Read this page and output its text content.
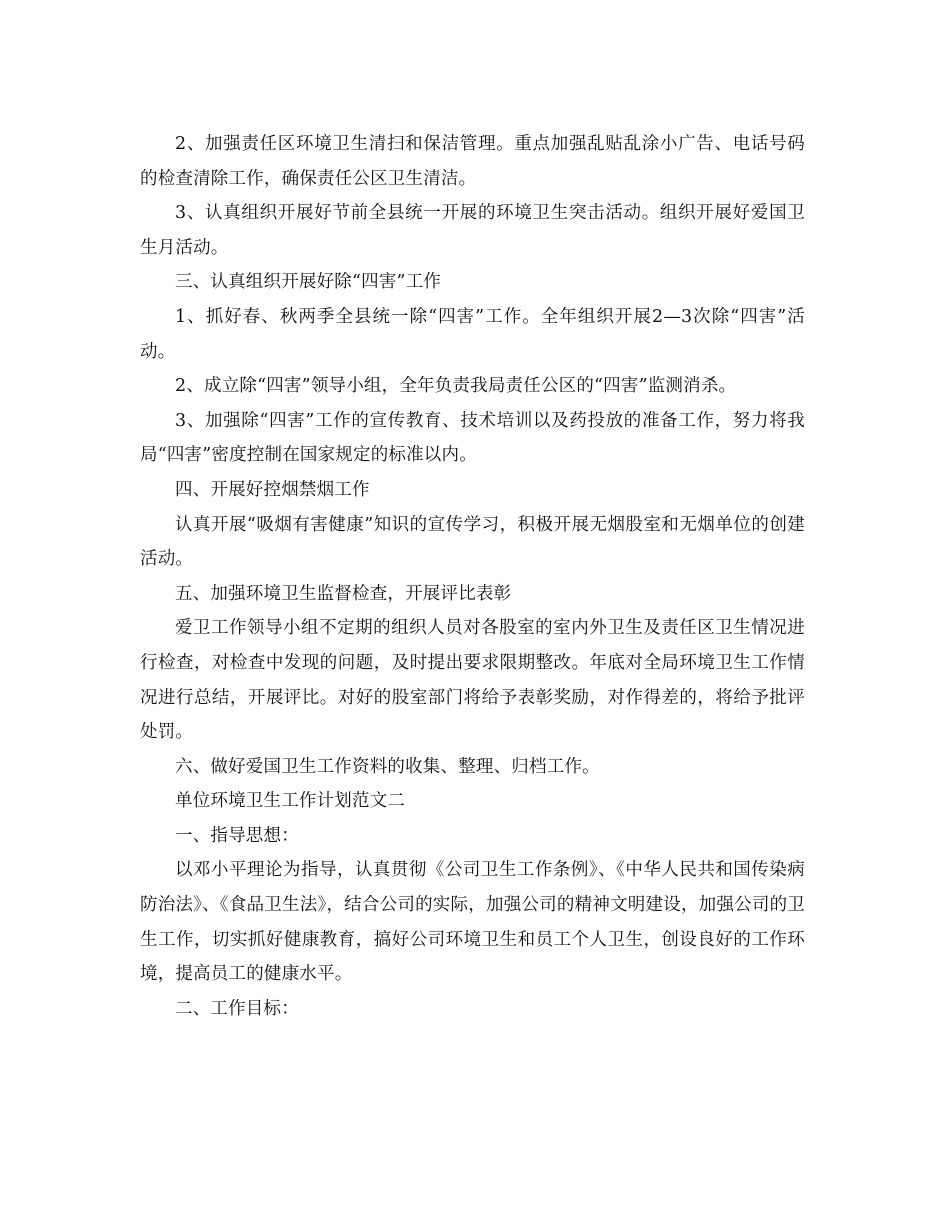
2、加强责任区环境卫生清扫和保洁管理。重点加强乱贴乱涂小广告、电话号码的检查清除工作，确保责任公区卫生清洁。

3、认真组织开展好节前全县统一开展的环境卫生突击活动。组织开展好爱国卫生月活动。

三、认真组织开展好除“四害”工作

1、抓好春、秋两季全县统一除“四害”工作。全年组织开展2—3次除“四害”活动。

2、成立除“四害”领导小组，全年负责我局责任公区的“四害”监测消杀。

3、加强除“四害”工作的宣传教育、技术培训以及药投放的准备工作，努力将我局“四害”密度控制在国家规定的标准以内。

四、开展好控烟禁烟工作

认真开展“吸烟有害健康”知识的宣传学习，积极开展无烟股室和无烟单位的创建活动。

五、加强环境卫生监督检查，开展评比表彰

爱卫工作领导小组不定期的组织人员对各股室的室内外卫生及责任区卫生情况进行检查，对检查中发现的问题，及时提出要求限期整改。年底对全局环境卫生工作情况进行总结，开展评比。对好的股室部门将给予表彰奖励，对作得差的，将给予批评处罚。

六、做好爱国卫生工作资料的收集、整理、归档工作。

单位环境卫生工作计划范文二

一、指导思想：

以邓小平理论为指导，认真贯彻《公司卫生工作条例》、《中华人民共和国传染病防治法》、《食品卫生法》，结合公司的实际，加强公司的精神文明建设，加强公司的卫生工作，切实抓好健康教育，搞好公司环境卫生和员工个人卫生，创设良好的工作环境，提高员工的健康水平。

二、工作目标：
